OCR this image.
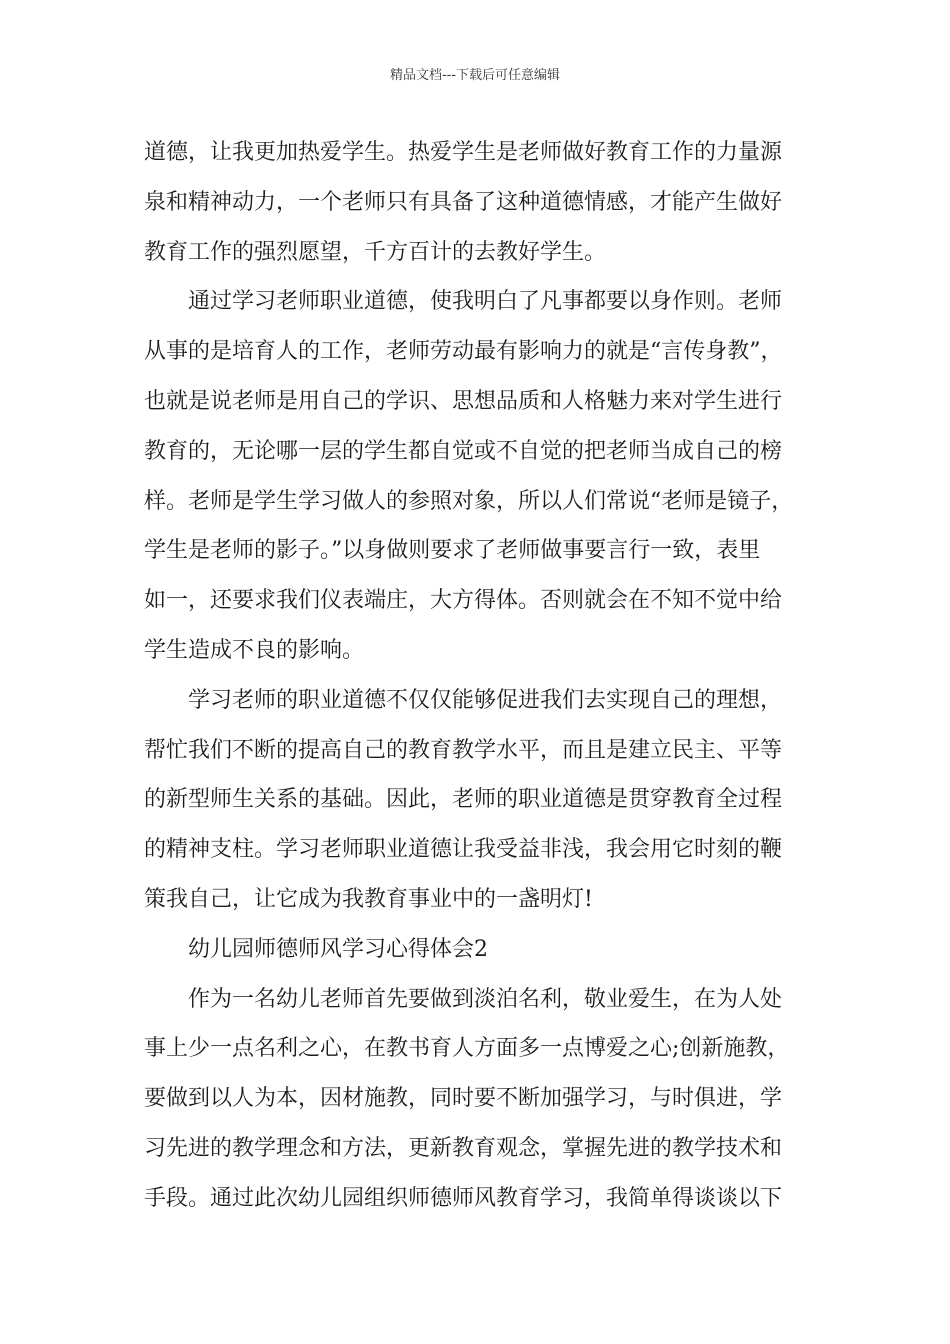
精品文档---下载后可任意编辑
道德，让我更加热爱学生。热爱学生是老师做好教育工作的力量源
泉和精神动力，一个老师只有具备了这种道德情感，才能产生做好
教育工作的强烈愿望，千方百计的去教好学生。
通过学习老师职业道德，使我明白了凡事都要以身作则。老师
从事的是培育人的工作，老师劳动最有影响力的就是“言传身教”，
也就是说老师是用自己的学识、思想品质和人格魅力来对学生进行
教育的，无论哪一层的学生都自觉或不自觉的把老师当成自己的榜
样。老师是学生学习做人的参照对象，所以人们常说“老师是镜子，
学生是老师的影子。”以身做则要求了老师做事要言行一致，表里
如一，还要求我们仪表端庄，大方得体。否则就会在不知不觉中给
学生造成不良的影响。
学习老师的职业道德不仅仅能够促进我们去实现自己的理想，
帮忙我们不断的提高自己的教育教学水平，而且是建立民主、平等
的新型师生关系的基础。因此，老师的职业道德是贯穿教育全过程
的精神支柱。学习老师职业道德让我受益非浅，我会用它时刻的鞭
策我自己，让它成为我教育事业中的一盏明灯!
幼儿园师德师风学习心得体会2
作为一名幼儿老师首先要做到淡泊名利，敬业爱生，在为人处
事上少一点名利之心，在教书育人方面多一点博爱之心;创新施教，
要做到以人为本，因材施教，同时要不断加强学习，与时俱进，学
习先进的教学理念和方法，更新教育观念，掌握先进的教学技术和
手段。通过此次幼儿园组织师德师风教育学习，我简单得谈谈以下
